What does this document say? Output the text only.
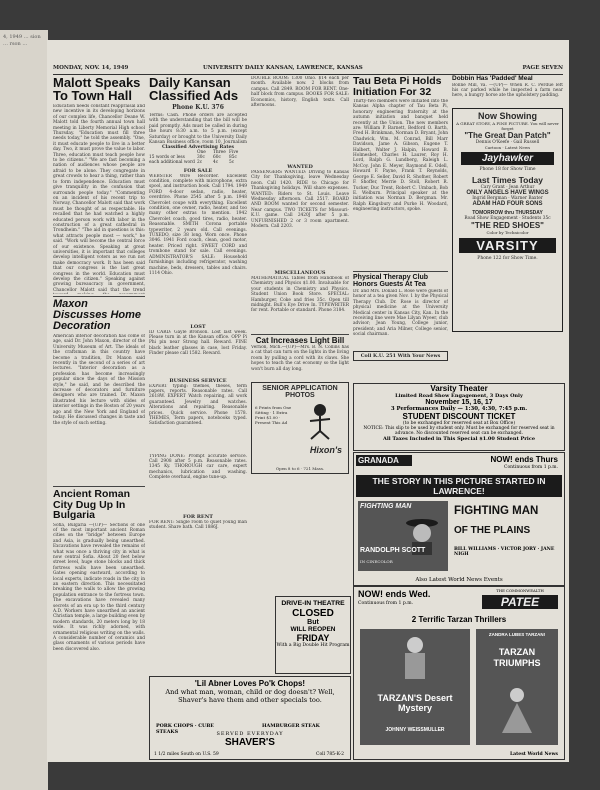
4, 1949 … sion … rson …
MONDAY, NOV. 14, 1949	UNIVERSITY DAILY KANSAN, LAWRENCE, KANSAS	PAGE SEVEN
Malott Speaks To Town Hall
Education needs constant reappraisal and new incentive in its developing horizons of our complex life, Chancellor Deane W. Malott told the fourth annual town hall meeting in Liberty Memorial High school Thursday. "Education must fill three needs today," he told the assembly. "One, it must educate people to live in a better day. Two, it must prove the value to labor. Three, education must teach people how to be citizens." "We are fast becoming a nation of audiences whose people are afraid to be alone. They congregate in great crowds to hear a thing, rather than to form independence. Education must give tranquility in the confusion that surrounds people today." "Commenting on an incident of his recent trip to Norway, Chancellor Malott said that work must be thought of as respectable. He recalled that he had watched a highly educated person work with labor in the construction of a great cathedral in Trondheim." "The aid in questions is this: what attracts people most — work," he said. "Work will become the central force of our existence. Speaking at great universities, it is important that colleges develop intelligent voters as we run not make democracy work. It has been said that our congress is the last great congress in the world. Education must develop the citizen." Speaking against growing bureaucracy in government, Chancellor Malott said that the trend
Maxon Discusses Home Decoration
American interior decoration has come of age, said Dr. John Maxon, director of the University Museum of Art. The ideals of the craftsman in this country have become a tradition, Dr. Maxon said recently in the second of a series of art lectures. "Interior decoration as a profession has become increasingly popular since the days of the Mission style," he said, and he described the increase of decorators and furniture designers who are trained. Dr. Maxon illustrated his lecture with slides of interior settings in the Boston of 20 years ago and the New York and England of today. He discussed changes in taste and the style of such setting.
Ancient Roman City Dug Up In Bulgaria
Sofia, Bulgaria —(UP)— Sections of one of the most important ancient Roman cities on the "bridge" between Europe and Asia, is gradually being unearthed. Excavations have revealed the remains of what was once a thriving city in what is now central Sofia. About 20 feet below street level, huge stone blocks and thick fortress walls have been unearthed. Gates opening eastward, according to local experts, indicate roads in the city in an eastern direction. This necessitated breaking the walls to allow the growing population entrance to the fortress town. The excavations have revealed many secrets of an era up to the third century A.D. Workers have unearthed an ancient Christian temple, a large building even by modern standards, 20 meters long by 18 wide. It was richly adorned, with ornamental religious writing on the walls. A considerable number of ceramics and glass ornaments of various periods have been discovered also.
Daily Kansan Classified Ads
Phone K.U. 376
Terms: Cash. Phone orders are accepted with the understanding that the bill will be paid promptly. Ads must be called in during the hours 8:30 a.m. to 5 p.m. (except Saturday) or brought to the University Daily Kansan Business office, room 10, Journalism
Classified Advertising Rates
One	Three Five
15 words or less	30c	60c	85c
each additional word 2c	4c	5c
FOR SALE
WEBSTER Wire Recorder. Excellent condition, complete with microphone, extra spool, and instruction book. Call 1794. 1949 FORD 4-door sedan, radio, heater, overdrive. Phone 2545 after 5 p.m. 1948 Chevrolet coupe with everything. Excellent condition, one owner, radio, heater, and too many other extras to mention. 1942 Chevrolet coach, good tires, radio, heater. Reasonable. SMITH Corona portable typewriter, 2 years old. Call evenings. TUXEDO, size 38 long. Worn once. Phone 3046. 1941 Ford coach, clean, good motor, heater. Priced right. SWEET CORD and trombone stand for sale. Call evenings. ADMINISTRATOR'S SALE: Household furnishings including refrigerator, washing machine, beds, dressers, tables and chairs. 1114 Ohio.
LOST
ID CARD: Gayle Bronson. Lost last week. Please turn in at the Kansan office. OPP Pi Phi pin near Strong hall. Reward. FINE black leather glasses in case, lost Friday. Finder please call 1582. Reward.
BUSINESS SERVICE
EXPERT typing: themes, theses, term papers, reports. Reasonable rates. Call 2618W. EXPERT Watch repairing, all work guaranteed. Jewelry and watches. Alterations and repairing. Reasonable prices. Quick service. Phone 1578. THEMES, Term papers, notebooks typed. Satisfaction guaranteed.
TYPING DONE: Prompt accurate service. Call 2908 after 5 p.m. Reasonable rates. 1345 Ky. THOROUGH car care, expert mechanics, lubrication and washing. Complete overhaul, engine tune-up.
FOR RENT
FOR RENT: Single room to quiet young man student. Share bath. Call 1886J.
DOUBLE ROOM: 1300 Ohio. $14 each per month. Available now. 2 blocks from campus. Call 2849. ROOM FOR RENT. One-half block from campus. BOOKS FOR SALE: Economics, history, English texts. Call afternoons.
WANTED
PASSENGERS WANTED: Driving to Kansas City for Thanksgiving, leave Wednesday noon. Call 1420. RIDE to Chicago for Thanksgiving holidays. Will share expenses. WANTED: Riders to St. Louis. Leave Wednesday afternoon. Call 2517. BOARD AND ROOM wanted for second semester. Near campus. TWO TICKETS for Missouri-K.U. game. Call 2420J after 5 p.m. UNFURNISHED 2 or 3 room apartment. Modern. Call 2203.
MISCELLANEOUS
MATHEMATICAL Tables from Handbook of Chemistry and Physics $1.00. Invaluable for your students in Chemistry and Physics. Student Union Book Store. SPECIAL: Hamburger, Coke and fries 35c. Open till midnight. Bull's Eye Drive In. TYPEWRITER for rent. Portable or standard. Phone 3184.
Cat Increases Light Bill
Vernon, Mich.—(UP)—Mrs. B. N. Collins has a cat that can turn on the lights in the living room by pulling a cord with its claws. She hopes to teach the cat economy so the light won't burn all day long.
SENIOR APPLICATION PHOTOS
6 Prints from One Sitting · 1 Extra Print $1.00 · Present This Ad
Hixon's
Open 8 to 6 · 721 Mass.
Tau Beta Pi Holds Initiation For 32
Thirty-two members were initiated into the Kansas Alpha chapter of Tau Beta Pi, honorary engineering fraternity at the autumn initiation and banquet held recently at the Union. The new members are: William P. Barnett, Bedford O. Barth, Fred H. Brinkman, Norman D. Bryant, John Chadwick, Wm. M. Conrad, Bill Marr Davidson, Jame A. Gibson, Eugene T. Halbert, Walter J. Halpin, Howard B. Holmesbet, Charles H. Laurer, Roy H. Lord, Ralph G. Lundberg, Raleigh L. McCoy. John E. Meyer, Raymond E. Odell, Howard F. Payne, Frank T. Reynolds, George E. Seller, David R. Shofner, Robert F. Shoffer, Merrie D. Stoll, Robert R. Tucker, Duc Trent, Robert C. Umbach, Bob E. Welburn. Principal speaker at the initiation was Norman D. Bergman. Mr. Ralph Kingsbury and Purke H. Woodard, engineering instructors, spoke.
Physical Therapy Club Honors Guests At Tea
Dr. and Mrs. Donald L. Rose were guests of honor at a tea given Nov. 1 by the Physical Therapy Club. Dr. Rose is director of physical medicine at the University Medical center in Kansas City, Kan. In the receiving line were Mae Lilyan Wyeer, club advisor; Jean Young, College junior, president; and Aria Milner, College senior, social chairman.
Coll K.U. 251 With Your News
Dobbin Has 'Padded' Meal
Bonne Mill, Va. —(UP)— When R. C. Perdue left his car parked while he inspected a farm near here, a hungry horse ate the upholstery padding.
Now Showing
A GREAT STORY, A FINE PICTURE. You will never forget
"The Great Dan Patch"
Dennis O'Keefe · Gail Russell
Cartoon · Latest News
Jayhawker
Phone 18 for Show Time
Last Times Today
Cary Grant · Jean Arthur
ONLY ANGELS HAVE WINGS
Ingrid Bergman · Warner Baxter
ADAM HAD FOUR SONS
TOMORROW thru THURSDAY
Road Show Engagement · Students 35c
"THE RED SHOES"
Color by Technicolor
VARSITY
Phone 122 for Show Time.
Varsity Theater
Limited Road Show Engagement, 3 Days Only
November 15, 16, 17
3 Performances Daily — 1:30, 4:30, 7:45 p.m.
STUDENT DISCOUNT TICKET
(to be exchanged for reserved seat at Box Office)
NOTICE: This slip to be used by student only. Must be exchanged for reserved seat in advance. No discounted reserved seat can be exchanged.
All Taxes Included in This Special $1.00 Student Price
GRANADA	NOW! ends Thurs
Continuous from 1 p.m.
THE STORY IN THIS PICTURE STARTED IN LAWRENCE!
FIGHTING MAN
RANDOLPH SCOTT
IN CINECOLOR
FIGHTING MAN
OF THE PLAINS
BILL WILLIAMS · VICTOR JORY · JANE NIGH
Also Latest World News Events
NOW! ends Wed.
Continuous from 1 p.m.
THE COMMONWEALTH
PATEE
2 Terrific Tarzan Thrillers
TARZAN'S Desert Mystery
JOHNNY WEISSMULLER
ZANDRA LUBES TARZAN!
TARZAN TRIUMPHS
Latest World News
'Lil Abner Loves Po'k Chops!
And what man, woman, child or dog doesn't? Well, Shaver's have them and other specials too.
PORK CHOPS · CUBE STEAKS
HAMBURGER STEAK
SERVED EVERYDAY
SHAVER'S
1 1/2 miles South on U.S. 59	Coll 785-K-2
DRIVE-IN THEATRE
CLOSED
But
WILL REOPEN
FRIDAY
With a Big Double Hit Program
